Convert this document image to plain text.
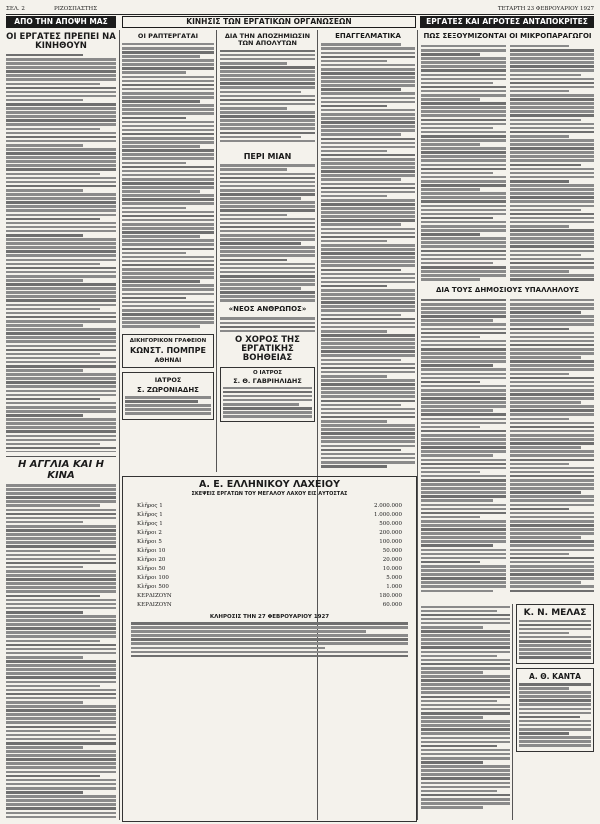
ΣΕΛ. 2	ΡΙΖΟΣΠΑΣΤΗΣ	ΤΕΤΑΡΤΗ 23 ΦΕΒΡΟΥΑΡΙΟΥ 1927
ΑΠΟ ΤΗΝ ΑΠΟΨΗ ΜΑΣ	ΚΙΝΗΣΙΣ ΤΩΝ ΕΡΓΑΤΙΚΩΝ ΟΡΓΑΝΩΣΕΩΝ	ΕΡΓΑΤΕΣ ΚΑΙ ΑΓΡΟΤΕΣ ΑΝΤΑΠΟΚΡΙΤΕΣ
ΟΙ ΕΡΓΑΤΕΣ ΠΡΕΠΕΙ ΝΑ ΚΙΝΗΘΟΥΝ
Η ΑΓΓΛΙΑ ΚΑΙ Η ΚΙΝΑ
ΟΙ ΡΑΠΤΕΡΓΑΤΑΙ
ΔΙΚΗΓΟΡΙΚΟΝ ΓΡΑΦΕΙΟΝ
ΚΩΝΣΤ. ΠΟΜΠΡΕ
ΑΘΗΝΑΙ
ΙΑΤΡΟΣ
Σ. ΖΩΡΟΝΙΑΔΗΣ
ΔΙΑ ΤΗΝ ΑΠΟΖΗΜΙΩΣΙΝ ΤΩΝ ΑΠΟΛΥΤΩΝ
ΠΕΡΙ ΜΙΑΝ
«ΝΕΟΣ ΑΝΘΡΩΠΟΣ»
Ο ΧΟΡΟΣ ΤΗΣ ΕΡΓΑΤΙΚΗΣ ΒΟΗΘΕΙΑΣ
Ο ΙΑΤΡΟΣ
Σ. Θ. ΓΑΒΡΙΗΛΙΔΗΣ
Α. Ε. ΕΛΛΗΝΙΚΟΥ ΛΑΧΕΙΟΥ
ΣΚΕΨΕΙΣ ΕΡΓΑΤΩΝ ΤΟΥ ΜΕΓΑΛΟΥ ΛΑΧΟΥ ΕΙΣ ΑΥΤΟΣΤΑΣ
Κλῆρος 1	2.000.000
Κλῆρος 1	1.000.000
Κλῆρος 1	500.000
Κλῆροι 2	200.000
Κλῆροι 5	100.000
Κλῆροι 10	50.000
Κλῆροι 20	20.000
Κλῆροι 50	10.000
Κλῆροι 100	5.000
Κλῆροι 500	1.000
ΚΕΡΔΙΖΟΥΝ	180.000
ΚΕΡΔΙΖΟΥΝ	60.000
ΚΛΗΡΟΣΙΣ ΤΗΝ 27 ΦΕΒΡΟΥΑΡΙΟΥ 1927
ΕΠΑΓΓΕΛΜΑΤΙΚΑ	ΠΩΣ ΣΕΞΟΥΜΙΖΟΝΤΑΙ ΟΙ ΜΙΚΡΟΠΑΡΑΓΩΓΟΙ
ΔΙΑ ΤΟΥΣ ΔΗΜΟΣΙΟΥΣ ΥΠΑΛΛΗΛΟΥΣ
Κ. Ν. ΜΕΛΑΣ
Α. Θ. ΚΑΝΤΑ
